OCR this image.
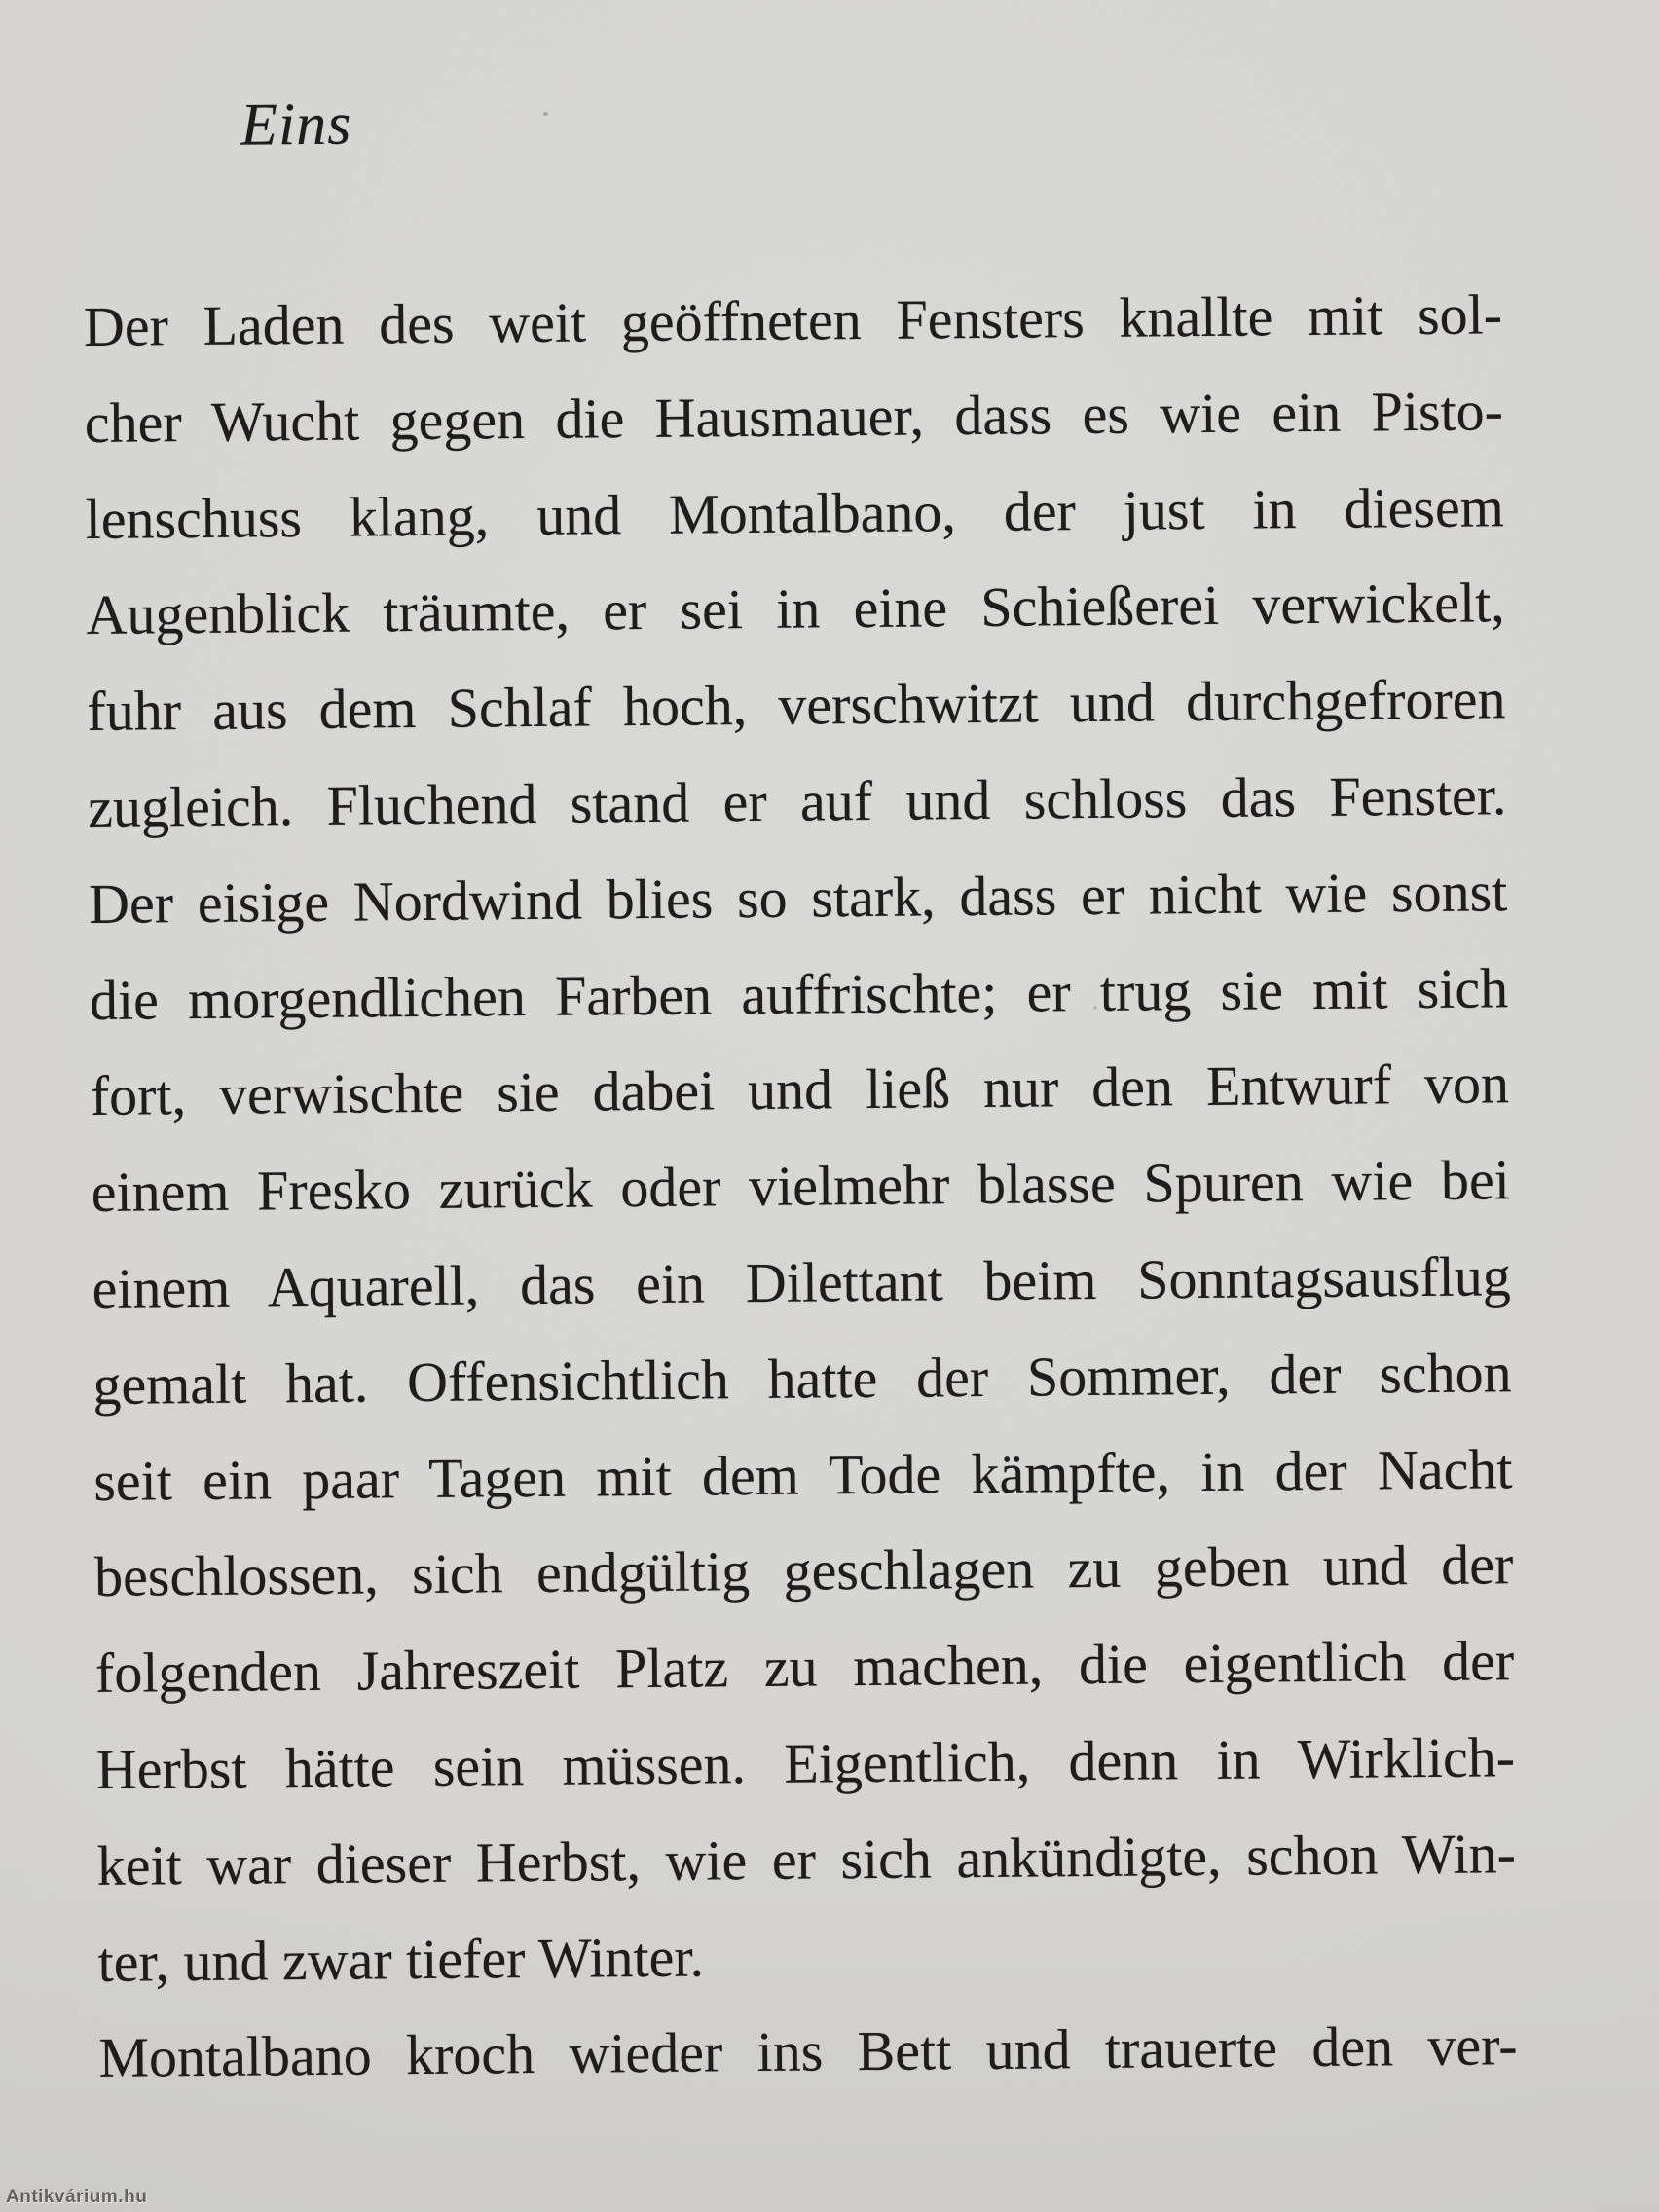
Eins
Der Laden des weit geöffneten Fensters knallte mit sol-
cher Wucht gegen die Hausmauer, dass es wie ein Pisto-
lenschuss klang, und Montalbano, der just in diesem
Augenblick träumte, er sei in eine Schießerei verwickelt,
fuhr aus dem Schlaf hoch, verschwitzt und durchgefroren
zugleich. Fluchend stand er auf und schloss das Fenster.
Der eisige Nordwind blies so stark, dass er nicht wie sonst
die morgendlichen Farben auffrischte; er trug sie mit sich
fort, verwischte sie dabei und ließ nur den Entwurf von
einem Fresko zurück oder vielmehr blasse Spuren wie bei
einem Aquarell, das ein Dilettant beim Sonntagsausflug
gemalt hat. Offensichtlich hatte der Sommer, der schon
seit ein paar Tagen mit dem Tode kämpfte, in der Nacht
beschlossen, sich endgültig geschlagen zu geben und der
folgenden Jahreszeit Platz zu machen, die eigentlich der
Herbst hätte sein müssen. Eigentlich, denn in Wirklich-
keit war dieser Herbst, wie er sich ankündigte, schon Win-
ter, und zwar tiefer Winter.
Montalbano kroch wieder ins Bett und trauerte den ver-
Antikvárium.hu
